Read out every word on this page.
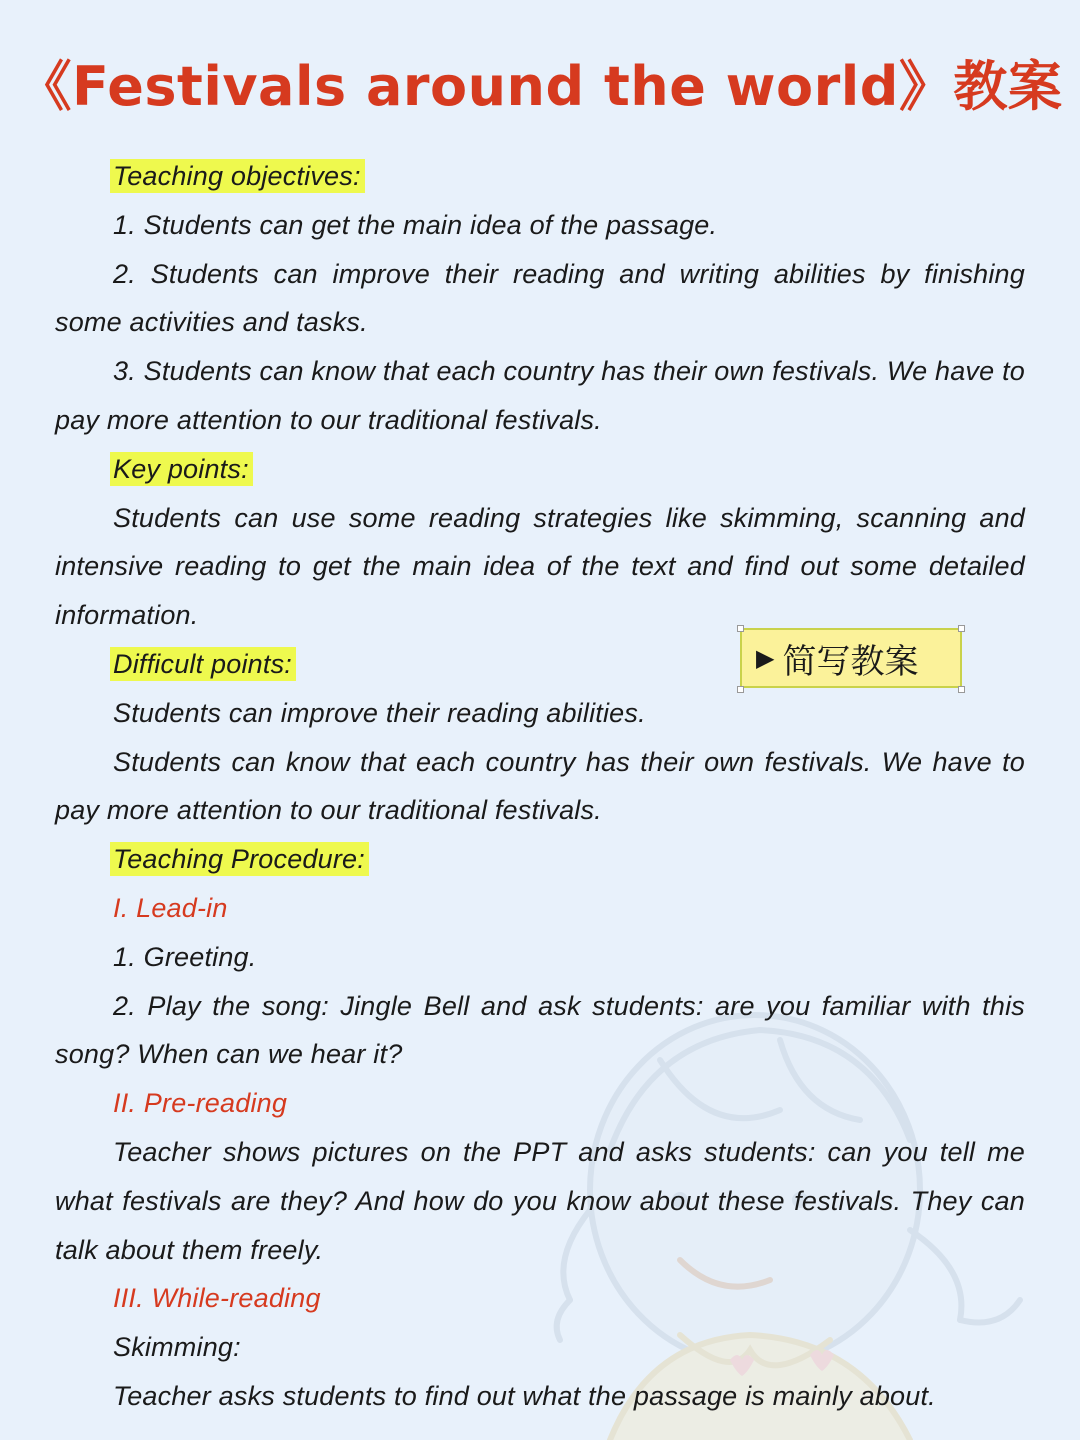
《Festivals around the world》教案

Teaching objectives:

1. Students can get the main idea of the passage.

2. Students can improve their reading and writing abilities by finishing some activities and tasks.

3. Students can know that each country has their own festivals. We have to pay more attention to our traditional festivals.

Key points:

Students can use some reading strategies like skimming, scanning and intensive reading to get the main idea of the text and find out some detailed information.

Difficult points:

Students can improve their reading abilities.

Students can know that each country has their own festivals. We have to pay more attention to our traditional festivals.

Teaching Procedure:

I. Lead-in

1. Greeting.

2. Play the song: Jingle Bell and ask students: are you familiar with this song? When can we hear it?

II. Pre-reading

Teacher shows pictures on the PPT and asks students: can you tell me what festivals are they? And how do you know about these festivals. They can talk about them freely.

III. While-reading

Skimming:

Teacher asks students to find out what the passage is mainly about.

▶ 简写教案
